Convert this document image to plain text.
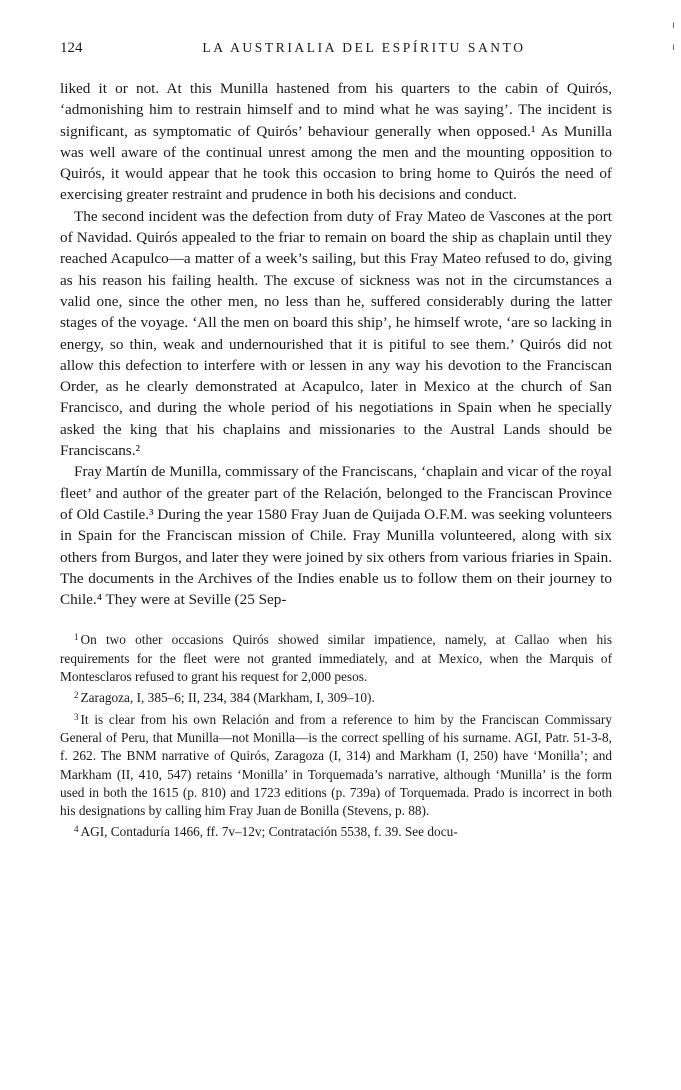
ı
ı
124	LA AUSTRIALIA DEL ESPÍRITU SANTO

liked it or not. At this Munilla hastened from his quarters to the cabin of Quirós, ‘admonishing him to restrain himself and to mind what he was saying’. The incident is significant, as symptomatic of Quirós’ behaviour generally when opposed.¹ As Munilla was well aware of the continual unrest among the men and the mounting opposition to Quirós, it would appear that he took this occasion to bring home to Quirós the need of exercising greater restraint and prudence in both his decisions and conduct.

The second incident was the defection from duty of Fray Mateo de Vascones at the port of Navidad. Quirós appealed to the friar to remain on board the ship as chaplain until they reached Acapulco—a matter of a week’s sailing, but this Fray Mateo refused to do, giving as his reason his failing health. The excuse of sickness was not in the circumstances a valid one, since the other men, no less than he, suffered considerably during the latter stages of the voyage. ‘All the men on board this ship’, he himself wrote, ‘are so lacking in energy, so thin, weak and undernourished that it is pitiful to see them.’ Quirós did not allow this defection to interfere with or lessen in any way his devotion to the Franciscan Order, as he clearly demonstrated at Acapulco, later in Mexico at the church of San Francisco, and during the whole period of his negotiations in Spain when he specially asked the king that his chaplains and missionaries to the Austral Lands should be Franciscans.²

Fray Martín de Munilla, commissary of the Franciscans, ‘chaplain and vicar of the royal fleet’ and author of the greater part of the Relación, belonged to the Franciscan Province of Old Castile.³ During the year 1580 Fray Juan de Quijada O.F.M. was seeking volunteers in Spain for the Franciscan mission of Chile. Fray Munilla volunteered, along with six others from Burgos, and later they were joined by six others from various friaries in Spain. The documents in the Archives of the Indies enable us to follow them on their journey to Chile.⁴ They were at Seville (25 Sep-

$^1$ On two other occasions Quirós showed similar impatience, namely, at Callao when his requirements for the fleet were not granted immediately, and at Mexico, when the Marquis of Montesclaros refused to grant his request for 2,000 pesos.

$^2$ Zaragoza, I, 385–6; II, 234, 384 (Markham, I, 309–10).

$^3$ It is clear from his own Relación and from a reference to him by the Franciscan Commissary General of Peru, that Munilla—not Monilla—is the correct spelling of his surname. AGI, Patr. 51-3-8, f. 262. The BNM narrative of Quirós, Zaragoza (I, 314) and Markham (I, 250) have ‘Monilla’; and Markham (II, 410, 547) retains ‘Monilla’ in Torquemada’s narrative, although ‘Munilla’ is the form used in both the 1615 (p. 810) and 1723 editions (p. 739a) of Torquemada. Prado is incorrect in both his designations by calling him Fray Juan de Bonilla (Stevens, p. 88).

$^4$ AGI, Contaduría 1466, ff. 7v–12v; Contratación 5538, f. 39. See docu-
